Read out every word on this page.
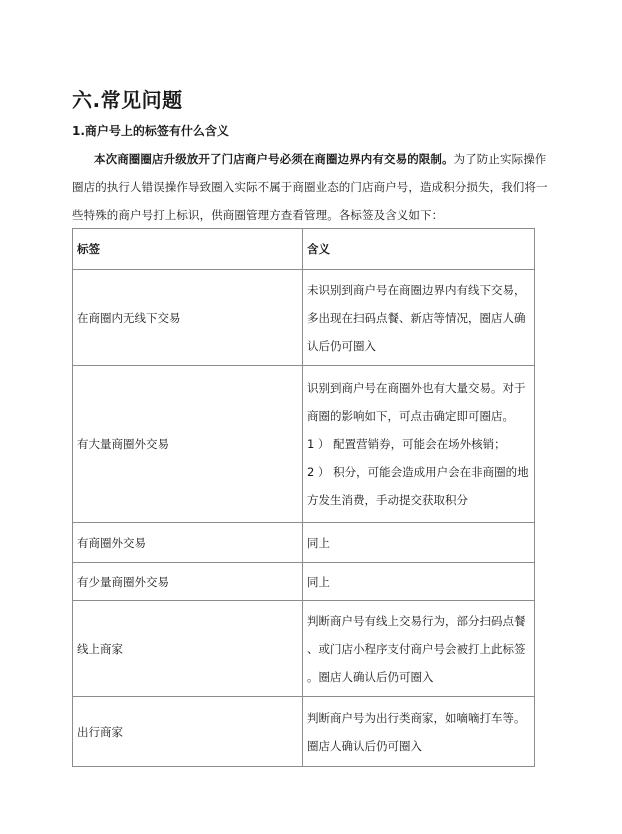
六.常见问题
1.商户号上的标签有什么含义
本次商圈圈店升级放开了门店商户号必须在商圈边界内有交易的限制。为了防止实际操作
圈店的执行人错误操作导致圈入实际不属于商圈业态的门店商户号，造成积分损失，我们将一
些特殊的商户号打上标识，供商圈管理方查看管理。各标签及含义如下：
标签	含义
在商圈内无线下交易	未识别到商户号在商圈边界内有线下交易，
多出现在扫码点餐、新店等情况，圈店人确
认后仍可圈入

有大量商圈外交易	识别到商户号在商圈外也有大量交易。对于
商圈的影响如下，可点击确定即可圈店。
1 ） 配置营销券，可能会在场外核销；
2 ） 积分，可能会造成用户会在非商圈的地
方发生消费，手动提交获取积分

有商圈外交易	同上

有少量商圈外交易	同上

线上商家	判断商户号有线上交易行为，部分扫码点餐
、或门店小程序支付商户号会被打上此标签
。圈店人确认后仍可圈入

出行商家	判断商户号为出行类商家，如嘀嘀打车等。
圈店人确认后仍可圈入
